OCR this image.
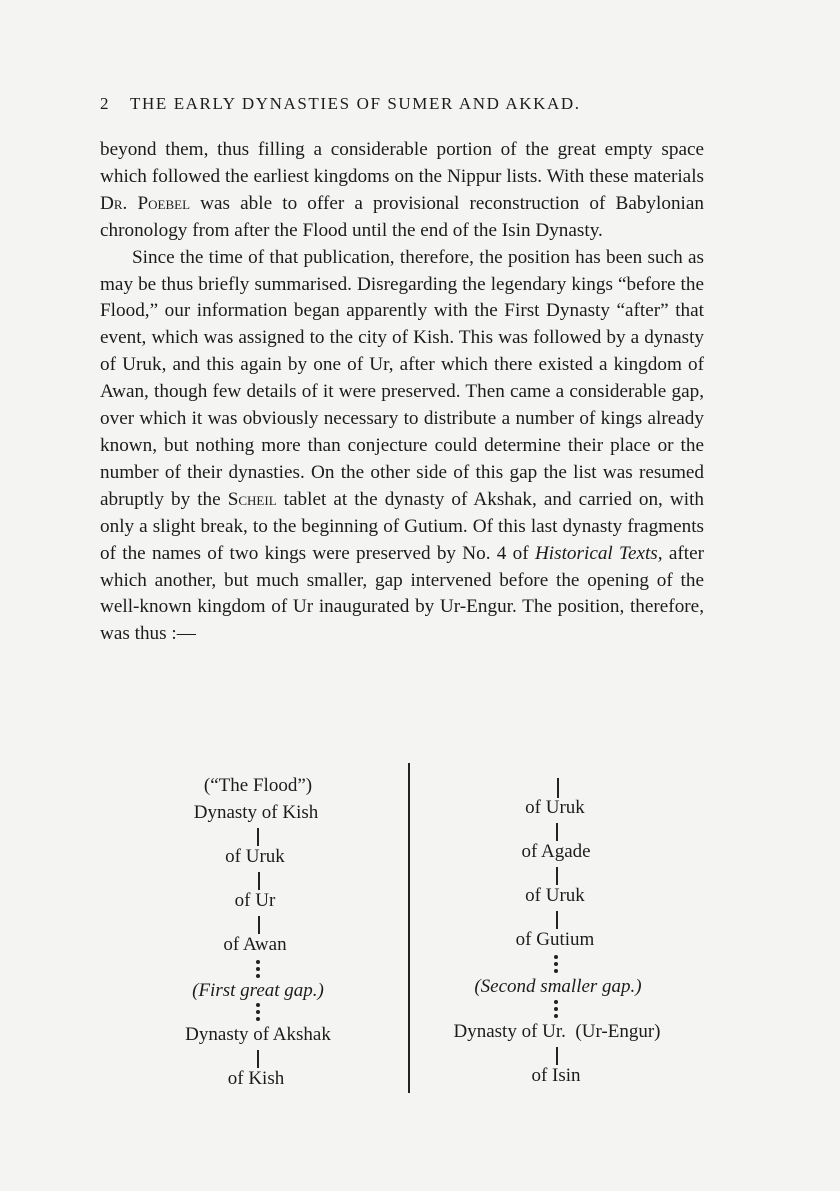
2 THE EARLY DYNASTIES OF SUMER AND AKKAD.

beyond them, thus filling a considerable portion of the great empty space which followed the earliest kingdoms on the Nippur lists. With these materials Dr. Poebel was able to offer a provisional reconstruction of Babylonian chronology from after the Flood until the end of the Isin Dynasty.

Since the time of that publication, therefore, the position has been such as may be thus briefly summarised. Disregarding the legendary kings “before the Flood,” our information began apparently with the First Dynasty “after” that event, which was assigned to the city of Kish. This was followed by a dynasty of Uruk, and this again by one of Ur, after which there existed a kingdom of Awan, though few details of it were preserved. Then came a considerable gap, over which it was obviously necessary to distribute a number of kings already known, but nothing more than conjecture could determine their place or the number of their dynasties. On the other side of this gap the list was resumed abruptly by the Scheil tablet at the dynasty of Akshak, and carried on, with only a slight break, to the beginning of Gutium. Of this last dynasty fragments of the names of two kings were preserved by No. 4 of Historical Texts, after which another, but much smaller, gap intervened before the opening of the well-known kingdom of Ur inaugurated by Ur-Engur. The position, therefore, was thus :—

(“The Flood”)
Dynasty of Kish
of Uruk
of Ur
of Awan
(First great gap.)
Dynasty of Akshak
of Kish
of Uruk
of Agade
of Uruk
of Gutium
(Second smaller gap.)
Dynasty of Ur.  (Ur-Engur)
of Isin
